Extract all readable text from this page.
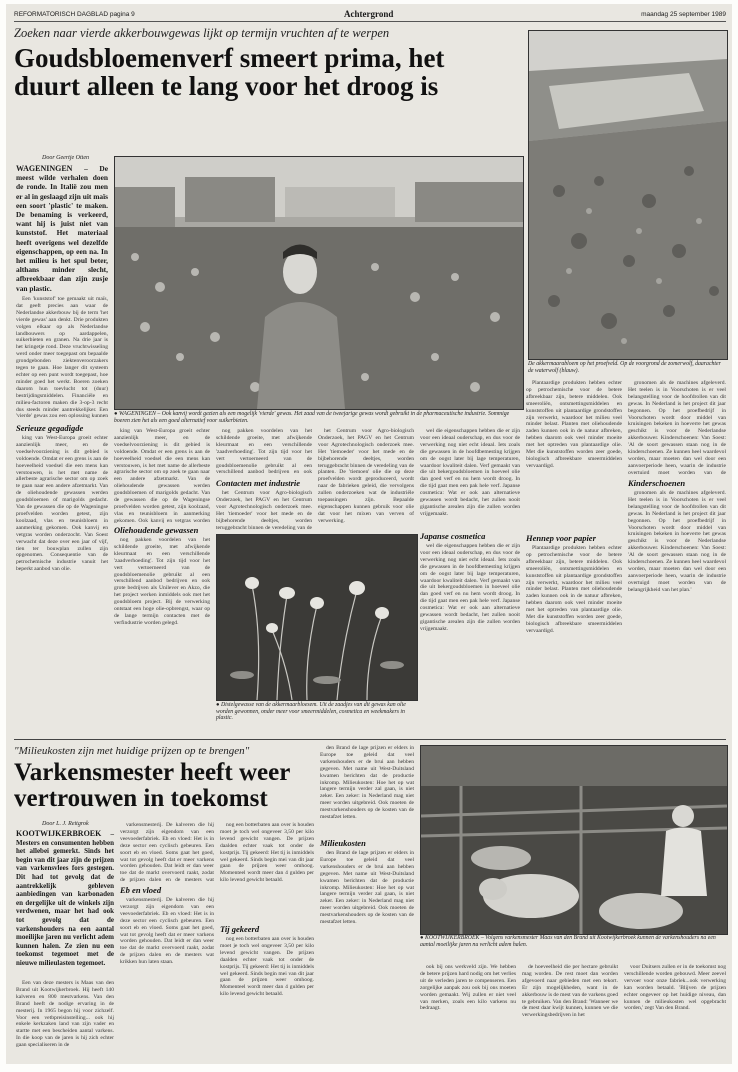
REFORMATORISCH DAGBLAD pagina 9	Achtergrond	maandag 25 september 1989
Zoeken naar vierde akkerbouwgewas lijkt op termijn vruchten af te werpen
Goudsbloemenverf smeert prima, het duurt alleen te lang voor het droog is
De akkermaarabloem op het proefveld. Op de voorgrond de zomerwolf, daarachter de waterwolf (blauw).
Door Geertje Otten
WAGENINGEN – De meest wilde verhalen doen de ronde. In Italië zou men er al in geslaagd zijn uit maïs een soort 'plastic' te maken. De benaming is verkeerd, want hij is juist niet van kunststof. Het materiaal heeft overigens wel dezelfde eigenschappen, op een na. In het milieu is het spul beter, althans minder slecht, afbreekbaar dan zijn zusje van plastic.
● WAGENINGEN – Ook kanvij wordt gezien als een mogelijk 'vierde' gewas. Het zaad van de tweejarige gewas wordt gebruikt in de pharmaceutische industrie. Sommige boeren zien het als een goed alternatief voor suikerbieten.

Een 'kunststof' toe gemaakt uit maïs, dat geeft precies aan waar de Nederlandse akkerbouw bij de term 'het vierde gewas' aan denkt. Drie produkten volgen elkaar op als Nederlandse landbouwers op aardappelen, suikerbieten en granen. Na drie jaar is het kringetje rond. Deze vruchtwisseling werd onder meer toegepast om bepaalde grondgebonden ziektenveroorzakers tegen te gaan. Hoe langer dit systeem echter op een punt wordt toegepast, hoe minder goed het werkt. Boeren zoeken daarom hun toevlucht tot (duur) bestrijdingsmiddelen. Financiële en milieu-factoren maken die 3-op-3 recht dus steeds minder aantrekkelijker. Een 'vierde' gewas zou een oplossing kunnen

Serieuze gegadigde

king van West-Europa groeit echter aanzienlijk meer, en de voedselvoorziening is dit gebied is voldoende. Omdat er een grens is aan de hoeveelheid voedsel die een mens kan verstouwen, is het met name de allerbeste agrarische sector om op zoek te gaan naar een andere afzetmarkt. Van de oliehoudende gewassen werden goudsbloemen of marigolds gedacht. Van de gewassen die op de Wageningse proefvelden worden getest, zijn koolzaad, vlas en teunisbloem in aanmerking gekomen. Ook kanvij en vetgras worden onderzocht. Van Soest verwacht dat deze over een jaar of vijf, tien ter bouwplan zullen zijn opgenomen. Consequentie van de petrochemische industrie vanuit het beperkt aanbod van olie.

king van West-Europa groeit echter aanzienlijk meer, en de voedselvoorziening is dit gebied is voldoende. Omdat er een grens is aan de hoeveelheid voedsel die een mens kan verstouwen, is het met name de allerbeste agrarische sector om op zoek te gaan naar een andere afzetmarkt. Van de oliehoudende gewassen werden goudsbloemen of marigolds gedacht. Van de gewassen die op de Wageningse proefvelden worden getest, zijn koolzaad, vlas en teunisbloem in aanmerking gekomen. Ook kanvij en vetgras worden

Oliehoudende gewassen

nog pakken voordelen van het schildende groeite, met afwijkende kleurmaat en een verschillende 'zaadverhoeding'. Tot zijn tijd voor het vert vertoerneerd van de goudsbloemenolie gebruikt al een verschillend aanbod bedrijven en ook grote bedrijven als Unilever en Akzo, die het project werken inmiddels ook met het goudsbloem project. Bij de verwerking ontstaat een hoge olie-opbrengst, waar op de lange termijn contacten met de verfindustrie worden gelegd.

nog pakken voordelen van het schildende groeite, met afwijkende kleurmaat en een verschillende 'zaadverhoeding'. Tot zijn tijd voor het vert vertoerneerd van de goudsbloemenolie gebruikt al een verschillend aanbod bedrijven en ook

Contacten met industrie

het Centrum voor Agro-biologisch Onderzoek, het PAGV en het Centrum voor Agrotechnologisch onderzoek mee. Het 'tiemoeder' voor het mede en de bijbehorende deeltjes, worden teruggebracht binnen de veredeling van de

● Distelgewasse van de akkermaarbloesem. Uit de zaadjes van dit gewas kan olie worden gewonnen, onder meer voor smeermiddelen, cosmetica en weekmakers in plastic.

het Centrum voor Agro-biologisch Onderzoek, het PAGV en het Centrum voor Agrotechnologisch onderzoek mee. Het 'tiemoeder' voor het mede en de bijbehorende deeltjes, worden teruggebracht binnen de veredeling van de planten. De 'tiemoen' olie die op deze proefvelden wordt geproduceerd, wordt naar de fabrieken geleid, die vervolgens zullen onderzoeken wat de industriële toepassingen zijn. Bepaalde eigenschappen kunnen gebruik voor olie dat voor het mixen van verven of verwerking.

wel die eigenschappen hebben die er zijn voor een ideaal ouderschap, en dus voor de verwerking nog niet echt ideaal. Iets zoals die gewassen in de hoofdbemesting krijgen om de oogst later bij lage temperaturen, waardoor kwaliteit dalen. Verf gemaakt van die uit bekergoudsbloemen in hoeveel olie dan goed verf en nu hem wordt droog. In die tijd gaat men een pak hele verf. Japanse cosmetica: Wat er ook aan alternatieve gewassen wordt bedacht, het zullen nooit gigantische arealen zijn die zullen worden vrijgemaakt.

Japanse cosmetica

wel die eigenschappen hebben die er zijn voor een ideaal ouderschap, en dus voor de verwerking nog niet echt ideaal. Iets zoals die gewassen in de hoofdbemesting krijgen om de oogst later bij lage temperaturen, waardoor kwaliteit dalen. Verf gemaakt van die uit bekergoudsbloemen in hoeveel olie dan goed verf en nu hem wordt droog. In die tijd gaat men een pak hele verf. Japanse cosmetica: Wat er ook aan alternatieve gewassen wordt bedacht, het zullen nooit gigantische arealen zijn die zullen worden vrijgemaakt.

Plantaardige produkten hebben echter op petrochemische voor de betere afbreekbaar zijn, betere middelen. Ook smeeroliën, ontsmettingsmiddelen en kunststoffen uit plantaardige grondstoffen zijn verwerkt, waardoor het milieu veel minder belast. Planten met oliehoudende zaden kunnen ook in de natuur afbreken, hebben daarom ook veel minder moeite met het optreden van plantaardige olie. Met die kunststoffen worden zeer goede, biologisch afbreekbare smeermiddelen vervaardigd.

Hennep voor papier

Plantaardige produkten hebben echter op petrochemische voor de betere afbreekbaar zijn, betere middelen. Ook smeeroliën, ontsmettingsmiddelen en kunststoffen uit plantaardige grondstoffen zijn verwerkt, waardoor het milieu veel minder belast. Planten met oliehoudende zaden kunnen ook in de natuur afbreken, hebben daarom ook veel minder moeite met het optreden van plantaardige olie. Met die kunststoffen worden zeer goede, biologisch afbreekbare smeermiddelen vervaardigd.

gronomen als de machines afgeleverd. Het teelen is in Voorschoten is er veel belangstelling voor de hoofdrollen van dit gewas. In Nederland is het project dit jaar begonnen. Op het proefbedrijf in Voorschoten wordt door middel van kruisingen bekeken in hoeverre het gewas geschikt is voor de Nederlandse akkerbouwer. Kinderschoenen: Van Soest: 'Al de soort gewassen staan nog in de kinderschoenen. Ze kunnen heel waardevol worden, maar moeten dan wel door een aanvoerperiode heen, waarin de industrie overtuigd moet worden van de

Kinderschoenen

gronomen als de machines afgeleverd. Het teelen is in Voorschoten is er veel belangstelling voor de hoofdrollen van dit gewas. In Nederland is het project dit jaar begonnen. Op het proefbedrijf in Voorschoten wordt door middel van kruisingen bekeken in hoeverre het gewas geschikt is voor de Nederlandse akkerbouwer. Kinderschoenen: Van Soest: 'Al de soort gewassen staan nog in de kinderschoenen. Ze kunnen heel waardevol worden, maar moeten dan wel door een aanvoerperiode heen, waarin de industrie overtuigd moet worden van de belangrijkheid van het plan.'

"Milieukosten zijn met huidige prijzen op te brengen"
Varkensmester heeft weer vertrouwen in toekomst
Door L. J. Reitgrok
KOOTWIJKERBROEK – Mesters en consumenten hebben het allebei gemerkt. Sinds het begin van dit jaar zijn de prijzen van varkensvlees fors gestegen. Dit had tot gevolg dat de aantrekkelijk gebleven aanbiedingen van karbonaden en dergelijke uit de winkels zijn verdwenen, maar het had ook tot gevolg dat de varkenshouders na een aantal moeilijke jaren nu verlicht adem kunnen halen. Ze zien nu een toekomst tegemoet met de nieuwe milieulasten tegemoet.

Een van deze mesters is Maas van den Brand uit Kootwijkerbroek. Hij heeft 140 kalveren en 800 mestvarkens. Van den Brand heeft de nodige ervaring in de mesterij. In 1965 begon hij voor zichzelf. Voor een vetbpreisinstelling... ook hij enkele kerkzaken land van zijn vader en startte met een bescheiden aantal varkens. In die koop van de jaren is hij zich echter gaan specialiseren in de

varkensmesterij. De kalveren die hij verzorgt zijn eigendom van een veevoederfabriek. Eb en vloed: Het is in deze sector een cyclisch gebeuren. Een soort eb en vloed. Soms gaat het goed, wat tot gevolg heeft dat er meer varkens worden gehouden. Dat leidt er dan weer toe dat de markt overvoerd raakt, zodat de prijzen dalen en de mesters wat

Eb en vloed

varkensmesterij. De kalveren die hij verzorgt zijn eigendom van een veevoederfabriek. Eb en vloed: Het is in deze sector een cyclisch gebeuren. Een soort eb en vloed. Soms gaat het goed, wat tot gevolg heeft dat er meer varkens worden gehouden. Dat leidt er dan weer toe dat de markt overvoerd raakt, zodat de prijzen dalen en de mesters wat krikken hun laten staan.

nog een botterbaten aan over is houden moet je toch wel ongeveer 3,50 per kilo levend gewicht vangen. De prijzen daalden echter vaak tot onder de kostprijs. Tij gekeerd: Het tij is inmiddels wel gekeerd. Sinds begin mei van dit jaar gaan de prijzen weer omhoog. Momenteel wordt meer dan 4 gulden per kilo levend gewicht betaald.

Tij gekeerd

nog een botterbaten aan over is houden moet je toch wel ongeveer 3,50 per kilo levend gewicht vangen. De prijzen daalden echter vaak tot onder de kostprijs. Tij gekeerd: Het tij is inmiddels wel gekeerd. Sinds begin mei van dit jaar gaan de prijzen weer omhoog. Momenteel wordt meer dan 4 gulden per kilo levend gewicht betaald.

den Brand de lage prijzen er elders in Europe toe geleid dat veel varkenshouders er de brui aan hebben gegeven. Met name uit West-Duitsland kwamen berichten dat de productie inkromp. Milieukosten: Hoe het op wat langere termijn verder zal gaan, is niet zeker. Een zeker: in Nederland mag niet meer worden uitgebreid. Ook moeten de mestvarkenshouders op de kosten van de mestafzet letten.

Milieukosten

den Brand de lage prijzen er elders in Europe toe geleid dat veel varkenshouders er de brui aan hebben gegeven. Met name uit West-Duitsland kwamen berichten dat de productie inkromp. Milieukosten: Hoe het op wat langere termijn verder zal gaan, is niet zeker. Een zeker: in Nederland mag niet meer worden uitgebreid. Ook moeten de mestvarkenshouders op de kosten van de mestafzet letten.

ook bij ons werkveld zijn. We hebben de betere prijzen hard nodig om het verlies uit de verleden jaren te compenseren. Een zorgelijke aanpak zou ook bij ons moeten worden gemaakt. Wij zullen er niet veel van merken, zoals een kilo varkens nu bedraagt.

● KOOTWIJKERBROEK – Volgens varkensmester Maas van den Brand uit Kootwijkerbroek kunnen de varkenshouders na een aantal moeilijke jaren nu verlicht adem halen.

de hoeveelheid die per hectare gebruikt mag worden. De rest moet dan worden afgevoerd naar gebieden met een tekort. Er zijn mogelijkheden, want in de akkerbouw is de mest van de varkens goed te gebruiken. Van den Brand: 'Wanneer we de mest daar kwijt kunnen, kunnen we die verwerkingsbedrijven in het

voor Duitsers zullen er in de toekomst nog verschillende worden gebouwd. Meer zeevel vervoer voor onze fabriek...ook verwerking kan worden betaald. 'Blijven de prijzen echter ongeveer op het huidige niveau, dan kunnen de milieukosten wel opgebracht worden,' zegt Van den Brand.
